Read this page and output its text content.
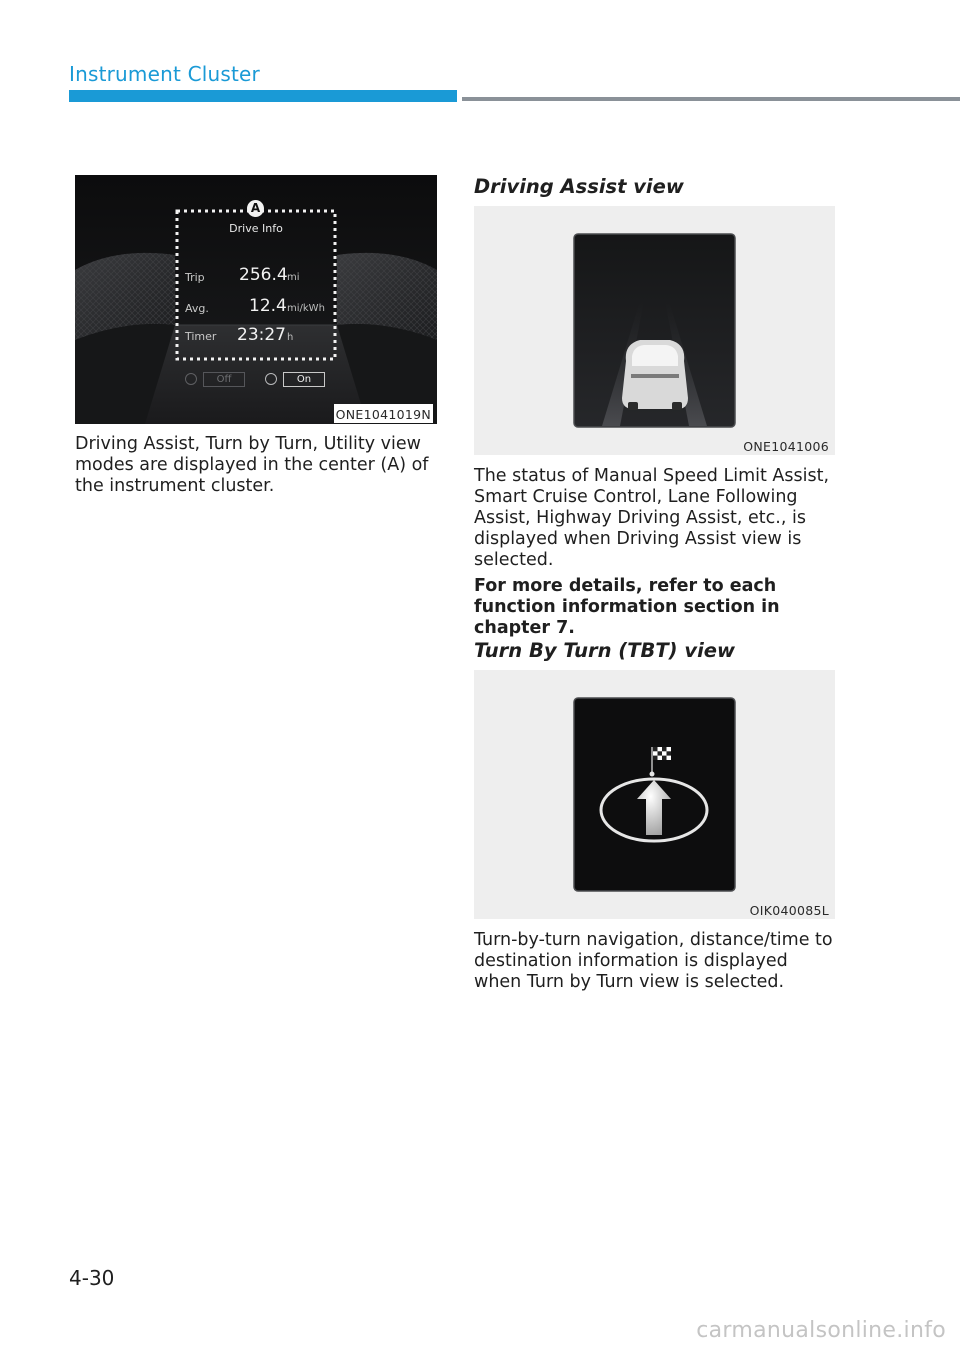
Instrument Cluster
A
Drive Info
Trip 256.4 mi
Avg. 12.4 mi/kWh
Timer 23:27 h
Off	On
ONE1041019N
Driving Assist, Turn by Turn, Utility view modes are displayed in the center (A) of the instrument cluster.
Driving Assist view
ONE1041006
The status of Manual Speed Limit Assist, Smart Cruise Control, Lane Following Assist, Highway Driving Assist, etc., is displayed when Driving Assist view is selected.
For more details, refer to each function information section in chapter 7.
Turn By Turn (TBT) view
OIK040085L
Turn-by-turn navigation, distance/time to destination information is displayed when Turn by Turn view is selected.
4-30
carmanualsonline.info
